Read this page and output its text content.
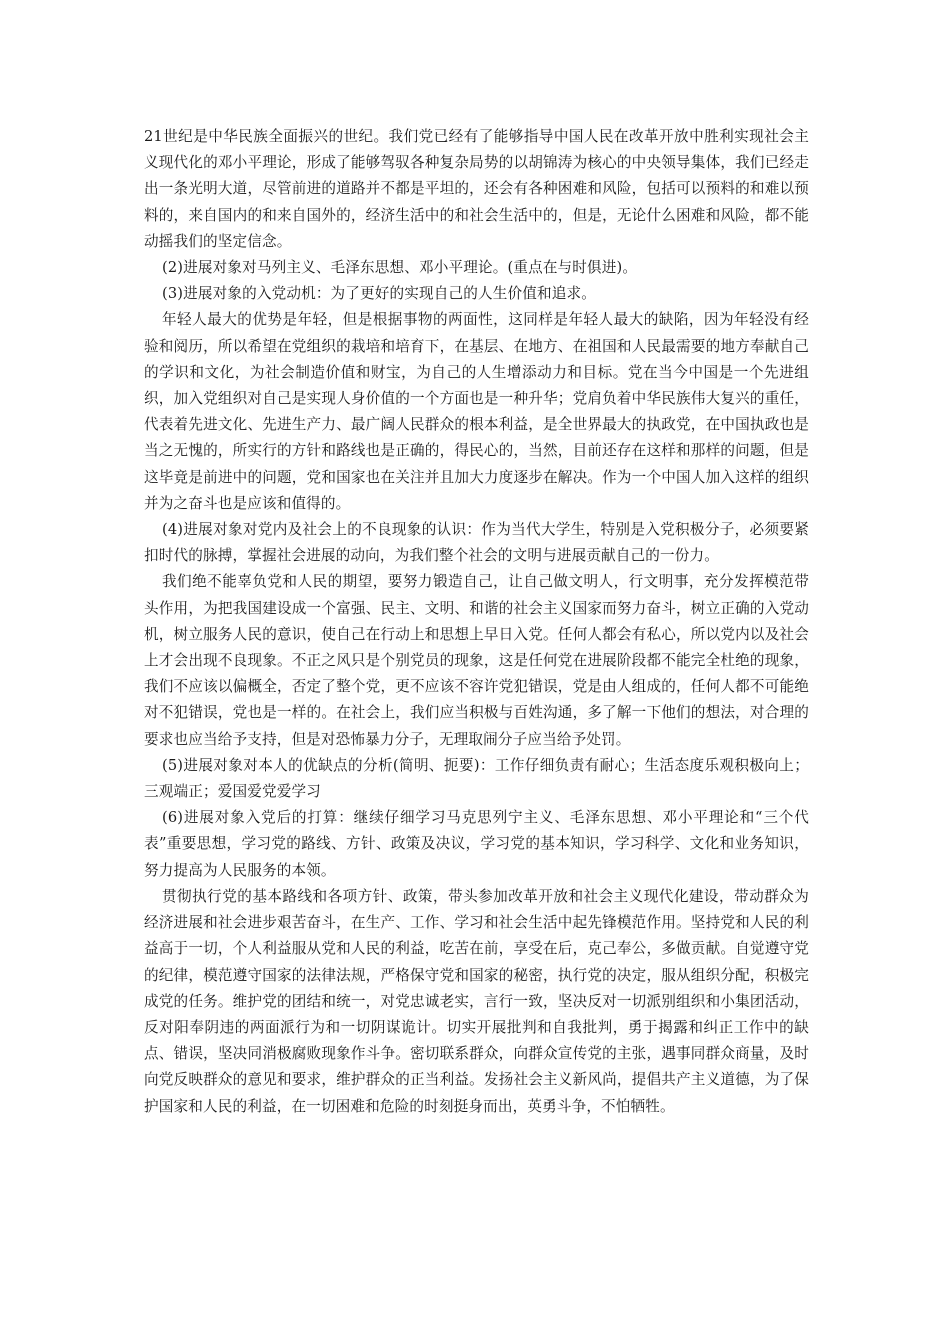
21世纪是中华民族全面振兴的世纪。我们党已经有了能够指导中国人民在改革开放中胜利实现社会主义现代化的邓小平理论，形成了能够驾驭各种复杂局势的以胡锦涛为核心的中央领导集体，我们已经走出一条光明大道，尽管前进的道路并不都是平坦的，还会有各种困难和风险，包括可以预料的和难以预料的，来自国内的和来自国外的，经济生活中的和社会生活中的，但是，无论什么困难和风险，都不能动摇我们的坚定信念。

(2)进展对象对马列主义、毛泽东思想、邓小平理论。(重点在与时俱进)。

(3)进展对象的入党动机：为了更好的实现自己的人生价值和追求。

年轻人最大的优势是年轻，但是根据事物的两面性，这同样是年轻人最大的缺陷，因为年轻没有经验和阅历，所以希望在党组织的栽培和培育下，在基层、在地方、在祖国和人民最需要的地方奉献自己的学识和文化，为社会制造价值和财宝，为自己的人生增添动力和目标。党在当今中国是一个先进组织，加入党组织对自己是实现人身价值的一个方面也是一种升华；党肩负着中华民族伟大复兴的重任，代表着先进文化、先进生产力、最广阔人民群众的根本利益，是全世界最大的执政党，在中国执政也是当之无愧的，所实行的方针和路线也是正确的，得民心的，当然，目前还存在这样和那样的问题，但是这毕竟是前进中的问题，党和国家也在关注并且加大力度逐步在解决。作为一个中国人加入这样的组织并为之奋斗也是应该和值得的。

(4)进展对象对党内及社会上的不良现象的认识：作为当代大学生，特别是入党积极分子，必须要紧扣时代的脉搏，掌握社会进展的动向，为我们整个社会的文明与进展贡献自己的一份力。

我们绝不能辜负党和人民的期望，要努力锻造自己，让自己做文明人，行文明事，充分发挥模范带头作用，为把我国建设成一个富强、民主、文明、和谐的社会主义国家而努力奋斗，树立正确的入党动机，树立服务人民的意识，使自己在行动上和思想上早日入党。任何人都会有私心，所以党内以及社会上才会出现不良现象。不正之风只是个别党员的现象，这是任何党在进展阶段都不能完全杜绝的现象，我们不应该以偏概全，否定了整个党，更不应该不容许党犯错误，党是由人组成的，任何人都不可能绝对不犯错误，党也是一样的。在社会上，我们应当积极与百姓沟通，多了解一下他们的想法，对合理的要求也应当给予支持，但是对恐怖暴力分子，无理取闹分子应当给予处罚。

(5)进展对象对本人的优缺点的分析(简明、扼要)：工作仔细负责有耐心；生活态度乐观积极向上；三观端正；爱国爱党爱学习

(6)进展对象入党后的打算：继续仔细学习马克思列宁主义、毛泽东思想、邓小平理论和“三个代表”重要思想，学习党的路线、方针、政策及决议，学习党的基本知识，学习科学、文化和业务知识，努力提高为人民服务的本领。

贯彻执行党的基本路线和各项方针、政策，带头参加改革开放和社会主义现代化建设，带动群众为经济进展和社会进步艰苦奋斗，在生产、工作、学习和社会生活中起先锋模范作用。坚持党和人民的利益高于一切，个人利益服从党和人民的利益，吃苦在前，享受在后，克己奉公，多做贡献。自觉遵守党的纪律，模范遵守国家的法律法规，严格保守党和国家的秘密，执行党的决定，服从组织分配，积极完成党的任务。维护党的团结和统一，对党忠诚老实，言行一致，坚决反对一切派别组织和小集团活动，反对阳奉阴违的两面派行为和一切阴谋诡计。切实开展批判和自我批判，勇于揭露和纠正工作中的缺点、错误，坚决同消极腐败现象作斗争。密切联系群众，向群众宣传党的主张，遇事同群众商量，及时向党反映群众的意见和要求，维护群众的正当利益。发扬社会主义新风尚，提倡共产主义道德，为了保护国家和人民的利益，在一切困难和危险的时刻挺身而出，英勇斗争，不怕牺牲。
